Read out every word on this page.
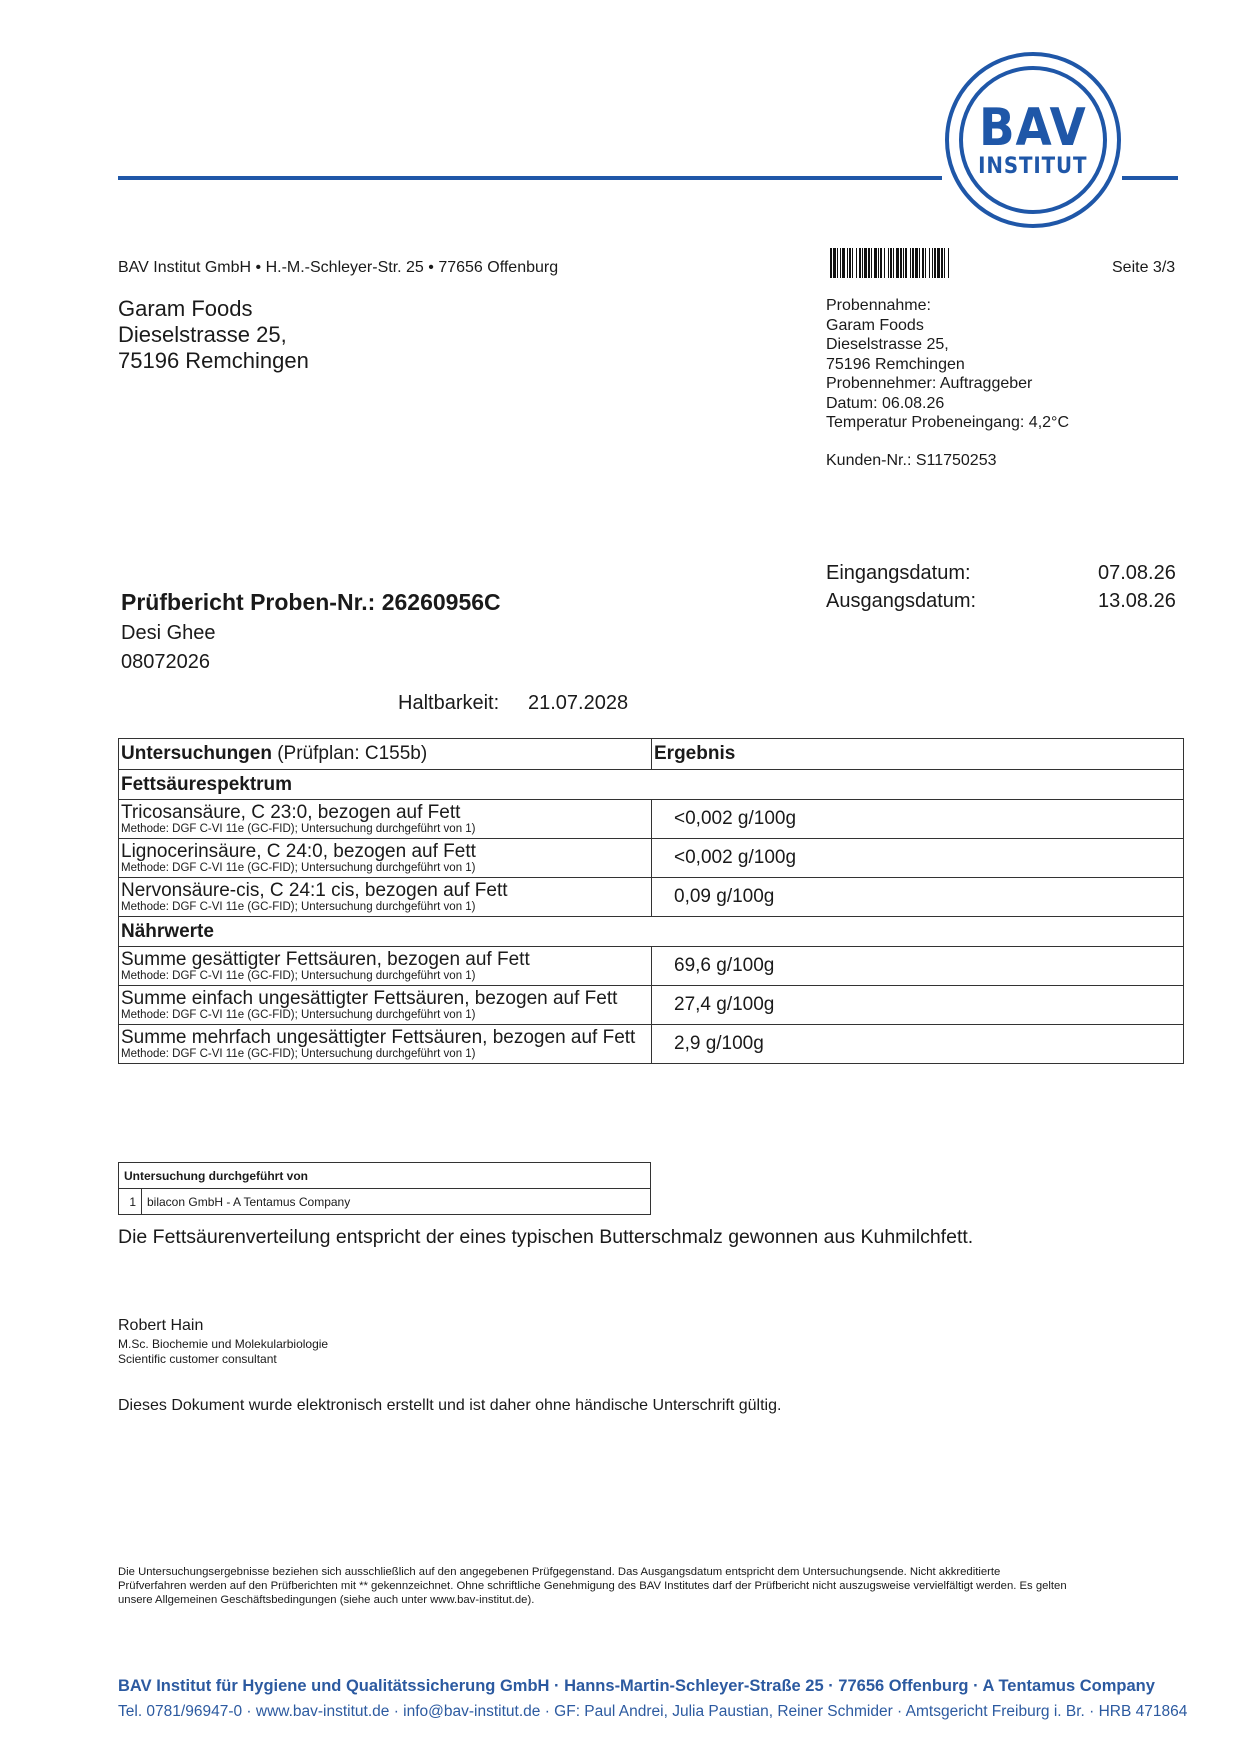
BAV
INSTITUT
BAV Institut GmbH • H.-M.-Schleyer-Str. 25 • 77656 Offenburg	Seite 3/3
Garam Foods
Dieselstrasse 25,
75196 Remchingen
Probennahme:
Garam Foods
Dieselstrasse 25,
75196 Remchingen
Probennehmer: Auftraggeber
Datum: 06.08.26
Temperatur Probeneingang: 4,2°C
Kunden-Nr.: S11750253
Eingangsdatum:	07.08.26
Ausgangsdatum:	13.08.26
Prüfbericht Proben-Nr.: 26260956C
Desi Ghee
08072026
Haltbarkeit: 21.07.2028
Untersuchungen (Prüfplan: C155b)	Ergebnis
Fettsäurespektrum	

Tricosansäure, C 23:0, bezogen auf Fett
Methode: DGF C-VI 11e (GC-FID); Untersuchung durchgeführt von 1)	<0,002 g/100g

Lignocerinsäure, C 24:0, bezogen auf Fett
Methode: DGF C-VI 11e (GC-FID); Untersuchung durchgeführt von 1)	<0,002 g/100g

Nervonsäure-cis, C 24:1 cis, bezogen auf Fett
Methode: DGF C-VI 11e (GC-FID); Untersuchung durchgeführt von 1)	0,09 g/100g
Nährwerte	

Summe gesättigter Fettsäuren, bezogen auf Fett
Methode: DGF C-VI 11e (GC-FID); Untersuchung durchgeführt von 1)	69,6 g/100g

Summe einfach ungesättigter Fettsäuren, bezogen auf Fett
Methode: DGF C-VI 11e (GC-FID); Untersuchung durchgeführt von 1)	27,4 g/100g

Summe mehrfach ungesättigter Fettsäuren, bezogen auf Fett
Methode: DGF C-VI 11e (GC-FID); Untersuchung durchgeführt von 1)	2,9 g/100g
Untersuchung durchgeführt von
1	bilacon GmbH - A Tentamus Company
Die Fettsäurenverteilung entspricht der eines typischen Butterschmalz gewonnen aus Kuhmilchfett.
Robert Hain
M.Sc. Biochemie und Molekularbiologie
Scientific customer consultant
Dieses Dokument wurde elektronisch erstellt und ist daher ohne händische Unterschrift gültig.
Die Untersuchungsergebnisse beziehen sich ausschließlich auf den angegebenen Prüfgegenstand. Das Ausgangsdatum entspricht dem Untersuchungsende. Nicht akkreditierte
Prüfverfahren werden auf den Prüfberichten mit ** gekennzeichnet. Ohne schriftliche Genehmigung des BAV Institutes darf der Prüfbericht nicht auszugsweise vervielfältigt werden. Es gelten
unsere Allgemeinen Geschäftsbedingungen (siehe auch unter www.bav-institut.de).
BAV Institut für Hygiene und Qualitätssicherung GmbH · Hanns-Martin-Schleyer-Straße 25 · 77656 Offenburg · A Tentamus Company
Tel. 0781/96947-0 · www.bav-institut.de · info@bav-institut.de · GF: Paul Andrei, Julia Paustian, Reiner Schmider · Amtsgericht Freiburg i. Br. · HRB 471864
